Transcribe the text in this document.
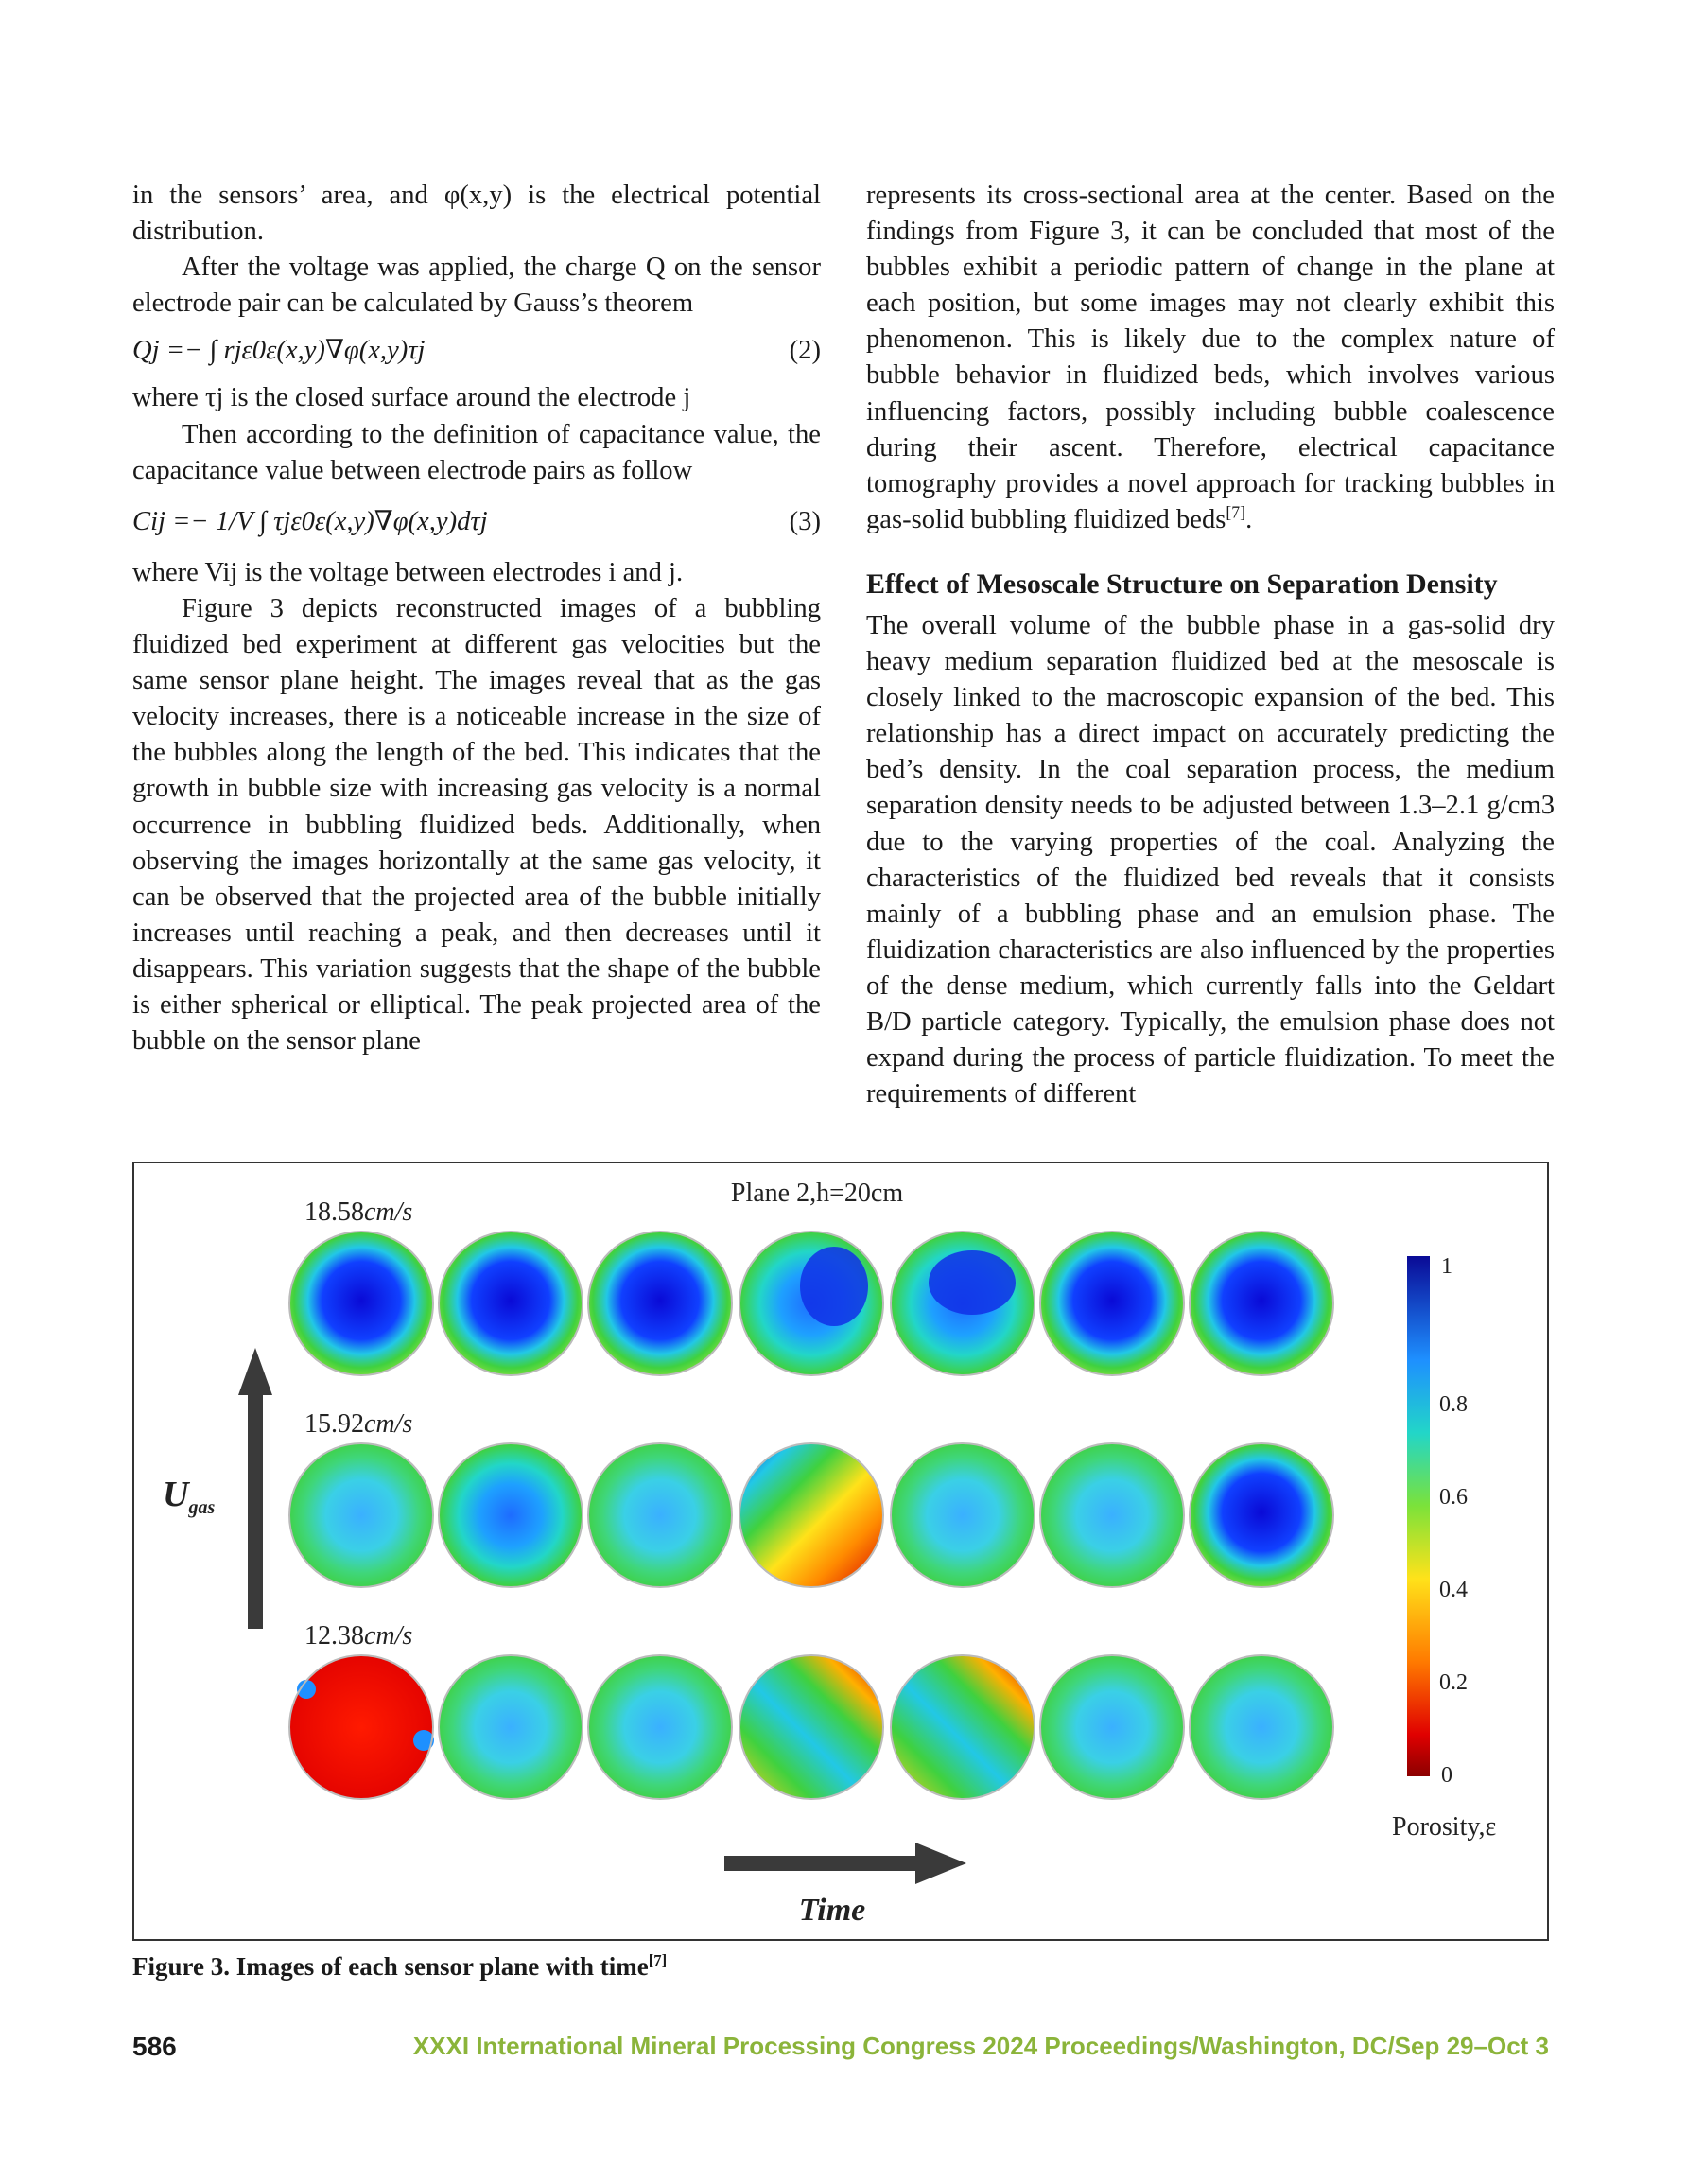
in the sensors’ area, and φ(x,y) is the electrical potential distribution.

After the voltage was applied, the charge Q on the sensor electrode pair can be calculated by Gauss’s theorem

Qj =− ∫ rjε0ε(x,y)∇φ(x,y)τj	(2)

where τj is the closed surface around the electrode j

Then according to the definition of capacitance value, the capacitance value between electrode pairs as follow

Cij =− 1/V ∫ τjε0ε(x,y)∇φ(x,y)dτj	(3)

where Vij is the voltage between electrodes i and j.

Figure 3 depicts reconstructed images of a bubbling fluidized bed experiment at different gas velocities but the same sensor plane height. The images reveal that as the gas velocity increases, there is a noticeable increase in the size of the bubbles along the length of the bed. This indicates that the growth in bubble size with increasing gas velocity is a normal occurrence in bubbling fluidized beds. Additionally, when observing the images horizontally at the same gas velocity, it can be observed that the projected area of the bubble initially increases until reaching a peak, and then decreases until it disappears. This variation suggests that the shape of the bubble is either spherical or elliptical. The peak projected area of the bubble on the sensor plane

represents its cross-sectional area at the center. Based on the findings from Figure 3, it can be concluded that most of the bubbles exhibit a periodic pattern of change in the plane at each position, but some images may not clearly exhibit this phenomenon. This is likely due to the complex nature of bubble behavior in fluidized beds, which involves various influencing factors, possibly including bubble coalescence during their ascent. Therefore, electrical capacitance tomography provides a novel approach for tracking bubbles in gas-solid bubbling fluidized beds[7].

Effect of Mesoscale Structure on Separation Density

The overall volume of the bubble phase in a gas-solid dry heavy medium separation fluidized bed at the mesoscale is closely linked to the macroscopic expansion of the bed. This relationship has a direct impact on accurately predicting the bed’s density. In the coal separation process, the medium separation density needs to be adjusted between 1.3–2.1 g/cm3 due to the varying properties of the coal. Analyzing the characteristics of the fluidized bed reveals that it consists mainly of a bubbling phase and an emulsion phase. The fluidization characteristics are also influenced by the properties of the dense medium, which currently falls into the Geldart B/D particle category. Typically, the emulsion phase does not expand during the process of particle fluidization. To meet the requirements of different

Plane 2,h=20cm
18.58cm/s
15.92cm/s
12.38cm/s
$U_{gas}$
1
0.8
0.6
0.4
0.2
0
Porosity,ε
Time
Figure 3. Images of each sensor plane with time[7]
586	XXXI International Mineral Processing Congress 2024 Proceedings/Washington, DC/Sep 29–Oct 3
